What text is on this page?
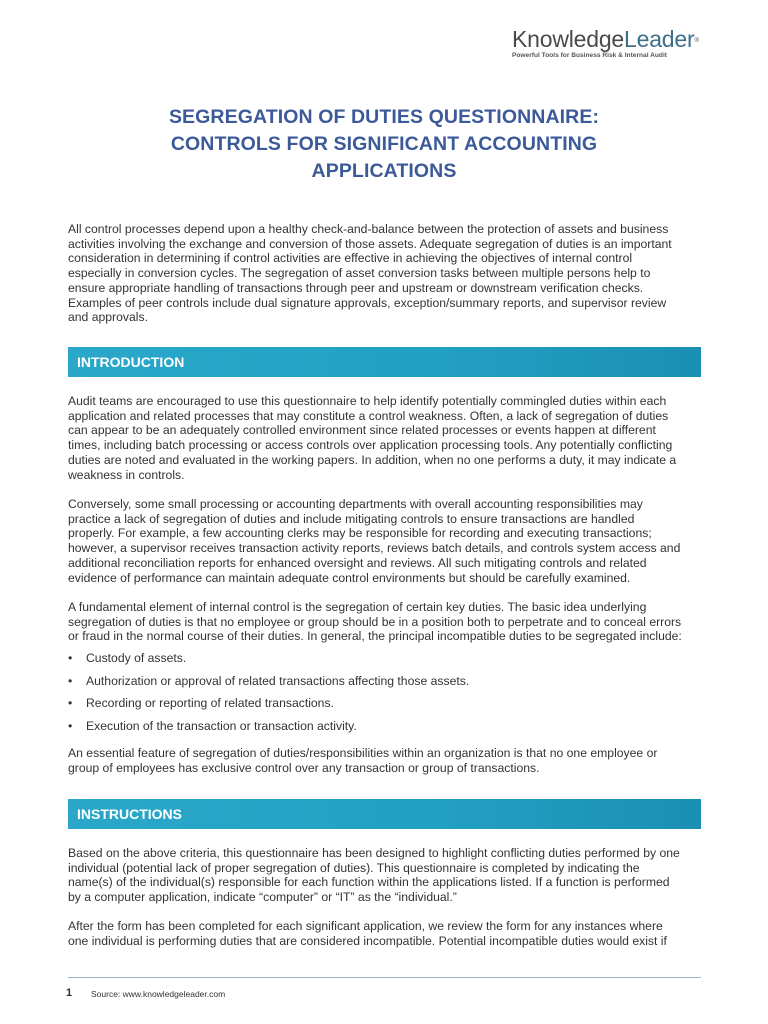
KnowledgeLeader®
Powerful Tools for Business Risk & Internal Audit
SEGREGATION OF DUTIES QUESTIONNAIRE:
CONTROLS FOR SIGNIFICANT ACCOUNTING
APPLICATIONS
All control processes depend upon a healthy check-and-balance between the protection of assets and business
activities involving the exchange and conversion of those assets. Adequate segregation of duties is an important
consideration in determining if control activities are effective in achieving the objectives of internal control
especially in conversion cycles. The segregation of asset conversion tasks between multiple persons help to
ensure appropriate handling of transactions through peer and upstream or downstream verification checks.
Examples of peer controls include dual signature approvals, exception/summary reports, and supervisor review
and approvals.
INTRODUCTION
Audit teams are encouraged to use this questionnaire to help identify potentially commingled duties within each
application and related processes that may constitute a control weakness. Often, a lack of segregation of duties
can appear to be an adequately controlled environment since related processes or events happen at different
times, including batch processing or access controls over application processing tools. Any potentially conflicting
duties are noted and evaluated in the working papers. In addition, when no one performs a duty, it may indicate a
weakness in controls.
Conversely, some small processing or accounting departments with overall accounting responsibilities may
practice a lack of segregation of duties and include mitigating controls to ensure transactions are handled
properly. For example, a few accounting clerks may be responsible for recording and executing transactions;
however, a supervisor receives transaction activity reports, reviews batch details, and controls system access and
additional reconciliation reports for enhanced oversight and reviews. All such mitigating controls and related
evidence of performance can maintain adequate control environments but should be carefully examined.
A fundamental element of internal control is the segregation of certain key duties. The basic idea underlying
segregation of duties is that no employee or group should be in a position both to perpetrate and to conceal errors
or fraud in the normal course of their duties. In general, the principal incompatible duties to be segregated include:
• Custody of assets.
• Authorization or approval of related transactions affecting those assets.
• Recording or reporting of related transactions.
• Execution of the transaction or transaction activity.
An essential feature of segregation of duties/responsibilities within an organization is that no one employee or
group of employees has exclusive control over any transaction or group of transactions.
INSTRUCTIONS
Based on the above criteria, this questionnaire has been designed to highlight conflicting duties performed by one
individual (potential lack of proper segregation of duties). This questionnaire is completed by indicating the
name(s) of the individual(s) responsible for each function within the applications listed. If a function is performed
by a computer application, indicate “computer” or “IT” as the “individual.”
After the form has been completed for each significant application, we review the form for any instances where
one individual is performing duties that are considered incompatible. Potential incompatible duties would exist if
1 Source: www.knowledgeleader.com
